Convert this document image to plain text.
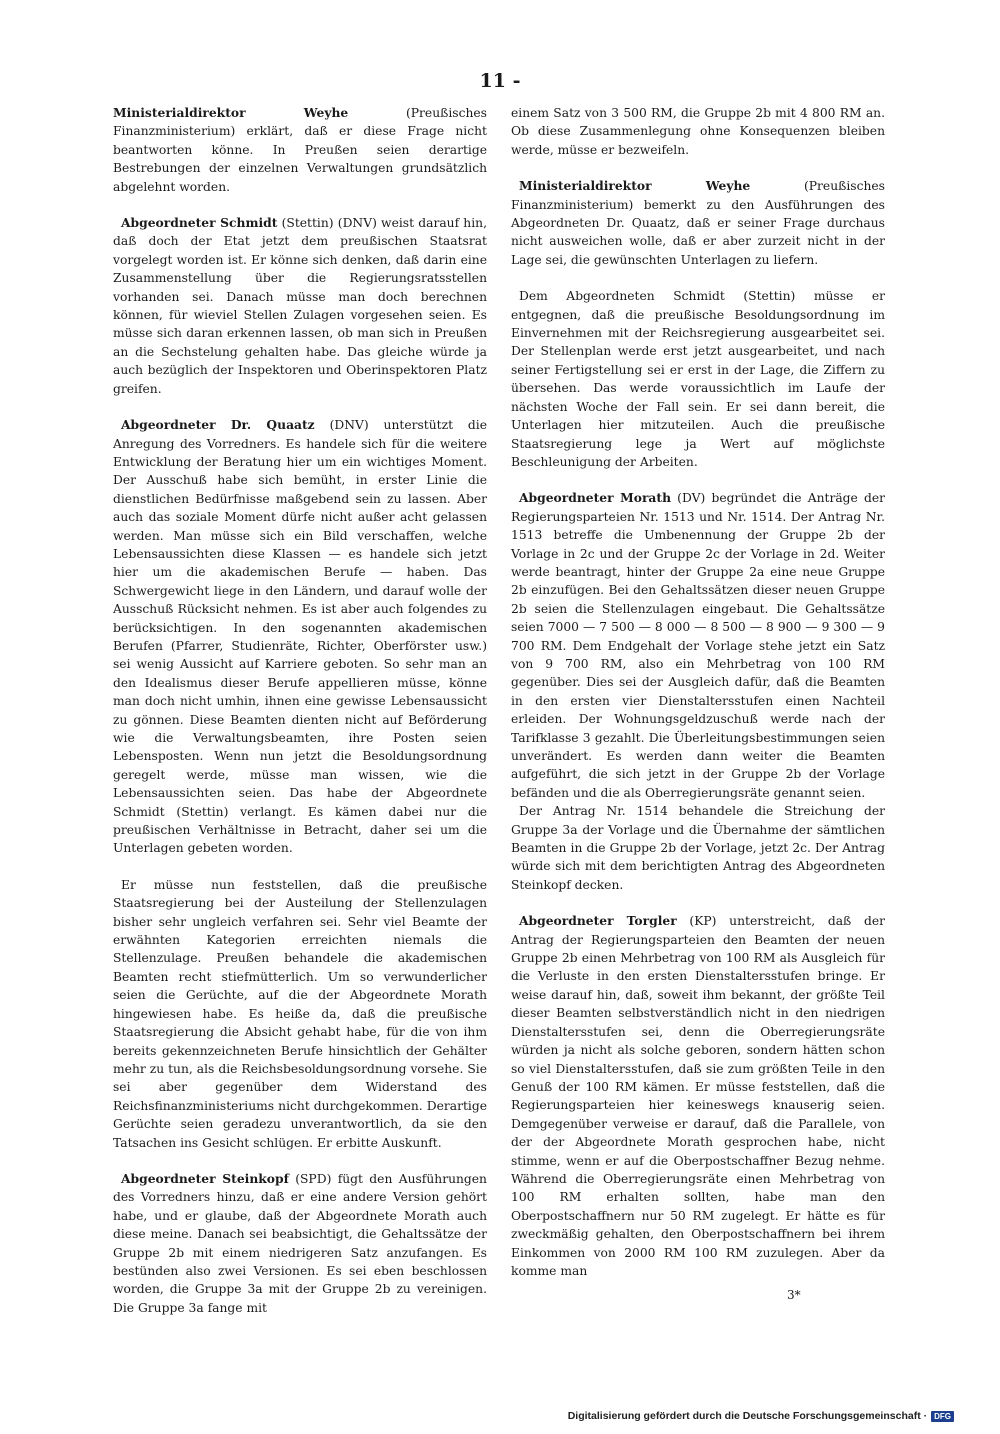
11 -

Ministerialdirektor Weyhe (Preußisches Finanzministerium) erklärt, daß er diese Frage nicht beantworten könne. In Preußen seien derartige Bestrebungen der einzelnen Verwaltungen grundsätzlich abgelehnt worden.

Abgeordneter Schmidt (Stettin) (DNV) weist darauf hin, daß doch der Etat jetzt dem preußischen Staatsrat vorgelegt worden ist. Er könne sich denken, daß darin eine Zusammenstellung über die Regierungsratsstellen vorhanden sei. Danach müsse man doch berechnen können, für wieviel Stellen Zulagen vorgesehen seien. Es müsse sich daran erkennen lassen, ob man sich in Preußen an die Sechstelung gehalten habe. Das gleiche würde ja auch bezüglich der Inspektoren und Oberinspektoren Platz greifen.

Abgeordneter Dr. Quaatz (DNV) unterstützt die Anregung des Vorredners. Es handele sich für die weitere Entwicklung der Beratung hier um ein wichtiges Moment. Der Ausschuß habe sich bemüht, in erster Linie die dienstlichen Bedürfnisse maßgebend sein zu lassen. Aber auch das soziale Moment dürfe nicht außer acht gelassen werden. Man müsse sich ein Bild verschaffen, welche Lebensaussichten diese Klassen — es handele sich jetzt hier um die akademischen Berufe — haben. Das Schwergewicht liege in den Ländern, und darauf wolle der Ausschuß Rücksicht nehmen. Es ist aber auch folgendes zu berücksichtigen. In den sogenannten akademischen Berufen (Pfarrer, Studienräte, Richter, Oberförster usw.) sei wenig Aussicht auf Karriere geboten. So sehr man an den Idealismus dieser Berufe appellieren müsse, könne man doch nicht umhin, ihnen eine gewisse Lebensaussicht zu gönnen. Diese Beamten dienten nicht auf Beförderung wie die Verwaltungsbeamten, ihre Posten seien Lebensposten. Wenn nun jetzt die Besoldungsordnung geregelt werde, müsse man wissen, wie die Lebensaussichten seien. Das habe der Abgeordnete Schmidt (Stettin) verlangt. Es kämen dabei nur die preußischen Verhältnisse in Betracht, daher sei um die Unterlagen gebeten worden.

Er müsse nun feststellen, daß die preußische Staatsregierung bei der Austeilung der Stellenzulagen bisher sehr ungleich verfahren sei. Sehr viel Beamte der erwähnten Kategorien erreichten niemals die Stellenzulage. Preußen behandele die akademischen Beamten recht stiefmütterlich. Um so verwunderlicher seien die Gerüchte, auf die der Abgeordnete Morath hingewiesen habe. Es heiße da, daß die preußische Staatsregierung die Absicht gehabt habe, für die von ihm bereits gekennzeichneten Berufe hinsichtlich der Gehälter mehr zu tun, als die Reichsbesoldungsordnung vorsehe. Sie sei aber gegenüber dem Widerstand des Reichsfinanzministeriums nicht durchgekommen. Derartige Gerüchte seien geradezu unverantwortlich, da sie den Tatsachen ins Gesicht schlügen. Er erbitte Auskunft.

Abgeordneter Steinkopf (SPD) fügt den Ausführungen des Vorredners hinzu, daß er eine andere Version gehört habe, und er glaube, daß der Abgeordnete Morath auch diese meine. Danach sei beabsichtigt, die Gehaltssätze der Gruppe 2b mit einem niedrigeren Satz anzufangen. Es bestünden also zwei Versionen. Es sei eben beschlossen worden, die Gruppe 3a mit der Gruppe 2b zu vereinigen. Die Gruppe 3a fange mit

einem Satz von 3 500 RM, die Gruppe 2b mit 4 800 RM an. Ob diese Zusammenlegung ohne Konsequenzen bleiben werde, müsse er bezweifeln.

Ministerialdirektor Weyhe (Preußisches Finanzministerium) bemerkt zu den Ausführungen des Abgeordneten Dr. Quaatz, daß er seiner Frage durchaus nicht ausweichen wolle, daß er aber zurzeit nicht in der Lage sei, die gewünschten Unterlagen zu liefern.

Dem Abgeordneten Schmidt (Stettin) müsse er entgegnen, daß die preußische Besoldungsordnung im Einvernehmen mit der Reichsregierung ausgearbeitet sei. Der Stellenplan werde erst jetzt ausgearbeitet, und nach seiner Fertigstellung sei er erst in der Lage, die Ziffern zu übersehen. Das werde voraussichtlich im Laufe der nächsten Woche der Fall sein. Er sei dann bereit, die Unterlagen hier mitzuteilen. Auch die preußische Staatsregierung lege ja Wert auf möglichste Beschleunigung der Arbeiten.

Abgeordneter Morath (DV) begründet die Anträge der Regierungsparteien Nr. 1513 und Nr. 1514. Der Antrag Nr. 1513 betreffe die Umbenennung der Gruppe 2b der Vorlage in 2c und der Gruppe 2c der Vorlage in 2d. Weiter werde beantragt, hinter der Gruppe 2a eine neue Gruppe 2b einzufügen. Bei den Gehaltssätzen dieser neuen Gruppe 2b seien die Stellenzulagen eingebaut. Die Gehaltssätze seien 7000 — 7 500 — 8 000 — 8 500 — 8 900 — 9 300 — 9 700 RM. Dem Endgehalt der Vorlage stehe jetzt ein Satz von 9 700 RM, also ein Mehrbetrag von 100 RM gegenüber. Dies sei der Ausgleich dafür, daß die Beamten in den ersten vier Dienstaltersstufen einen Nachteil erleiden. Der Wohnungsgeldzuschuß werde nach der Tarifklasse 3 gezahlt. Die Überleitungsbestimmungen seien unverändert. Es werden dann weiter die Beamten aufgeführt, die sich jetzt in der Gruppe 2b der Vorlage befänden und die als Oberregierungsräte genannt seien.

Der Antrag Nr. 1514 behandele die Streichung der Gruppe 3a der Vorlage und die Übernahme der sämtlichen Beamten in die Gruppe 2b der Vorlage, jetzt 2c. Der Antrag würde sich mit dem berichtigten Antrag des Abgeordneten Steinkopf decken.

Abgeordneter Torgler (KP) unterstreicht, daß der Antrag der Regierungsparteien den Beamten der neuen Gruppe 2b einen Mehrbetrag von 100 RM als Ausgleich für die Verluste in den ersten Dienstaltersstufen bringe. Er weise darauf hin, daß, soweit ihm bekannt, der größte Teil dieser Beamten selbstverständlich nicht in den niedrigen Dienstaltersstufen sei, denn die Oberregierungsräte würden ja nicht als solche geboren, sondern hätten schon so viel Dienstaltersstufen, daß sie zum größten Teile in den Genuß der 100 RM kämen. Er müsse feststellen, daß die Regierungsparteien hier keineswegs knauserig seien. Demgegenüber verweise er darauf, daß die Parallele, von der der Abgeordnete Morath gesprochen habe, nicht stimme, wenn er auf die Oberpostschaffner Bezug nehme. Während die Oberregierungsräte einen Mehrbetrag von 100 RM erhalten sollten, habe man den Oberpostschaffnern nur 50 RM zugelegt. Er hätte es für zweckmäßig gehalten, den Oberpostschaffnern bei ihrem Einkommen von 2000 RM 100 RM zuzulegen. Aber da komme man

3*

Digitalisierung gefördert durch die Deutsche Forschungsgemeinschaft · DFG
